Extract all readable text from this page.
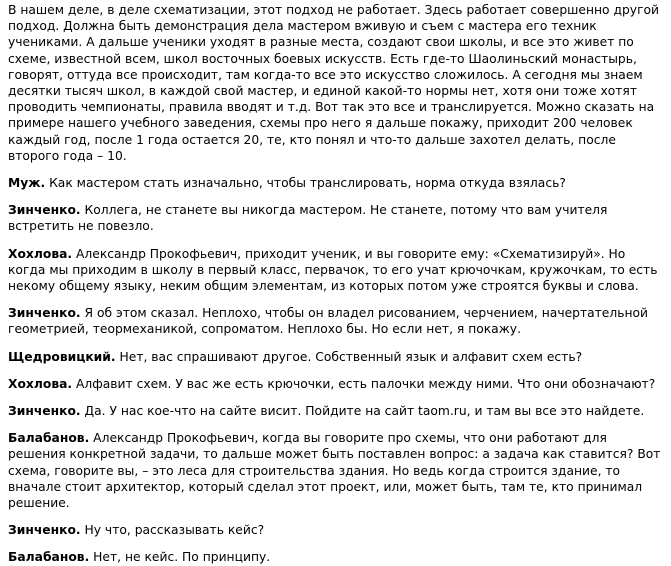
В нашем деле, в деле схематизации, этот подход не работает. Здесь работает совершенно другой подход. Должна быть демонстрация дела мастером вживую и съем с мастера его техник учениками. А дальше ученики уходят в разные места, создают свои школы, и все это живет по схеме, известной всем, школ восточных боевых искусств. Есть где-то Шаолиньский монастырь, говорят, оттуда все происходит, там когда-то все это искусство сложилось. А сегодня мы знаем десятки тысяч школ, в каждой свой мастер, и единой какой-то нормы нет, хотя они тоже хотят проводить чемпионаты, правила вводят и т.д. Вот так это все и транслируется. Можно сказать на примере нашего учебного заведения, схемы про него я дальше покажу, приходит 200 человек каждый год, после 1 года остается 20, те, кто понял и что-то дальше захотел делать, после второго года – 10.

Муж. Как мастером стать изначально, чтобы транслировать, норма откуда взялась?

Зинченко. Коллега, не станете вы никогда мастером. Не станете, потому что вам учителя встретить не повезло.

Хохлова. Александр Прокофьевич, приходит ученик, и вы говорите ему: «Схематизируй». Но когда мы приходим в школу в первый класс, первачок, то его учат крючочкам, кружочкам, то есть некому общему языку, неким общим элементам, из которых потом уже строятся буквы и слова.

Зинченко. Я об этом сказал. Неплохо, чтобы он владел рисованием, черчением, начертательной геометрией, теормеханикой, сопроматом. Неплохо бы. Но если нет, я покажу.

Щедровицкий. Нет, вас спрашивают другое. Собственный язык и алфавит схем есть?

Хохлова. Алфавит схем. У вас же есть крючочки, есть палочки между ними. Что они обозначают?

Зинченко. Да. У нас кое-что на сайте висит. Пойдите на сайт taom.ru, и там вы все это найдете.

Балабанов. Александр Прокофьевич, когда вы говорите про схемы, что они работают для решения конкретной задачи, то дальше может быть поставлен вопрос: а задача как ставится? Вот схема, говорите вы, – это леса для строительства здания. Но ведь когда строится здание, то вначале стоит архитектор, который сделал этот проект, или, может быть, там те, кто принимал решение.

Зинченко. Ну что, рассказывать кейс?

Балабанов. Нет, не кейс. По принципу.
